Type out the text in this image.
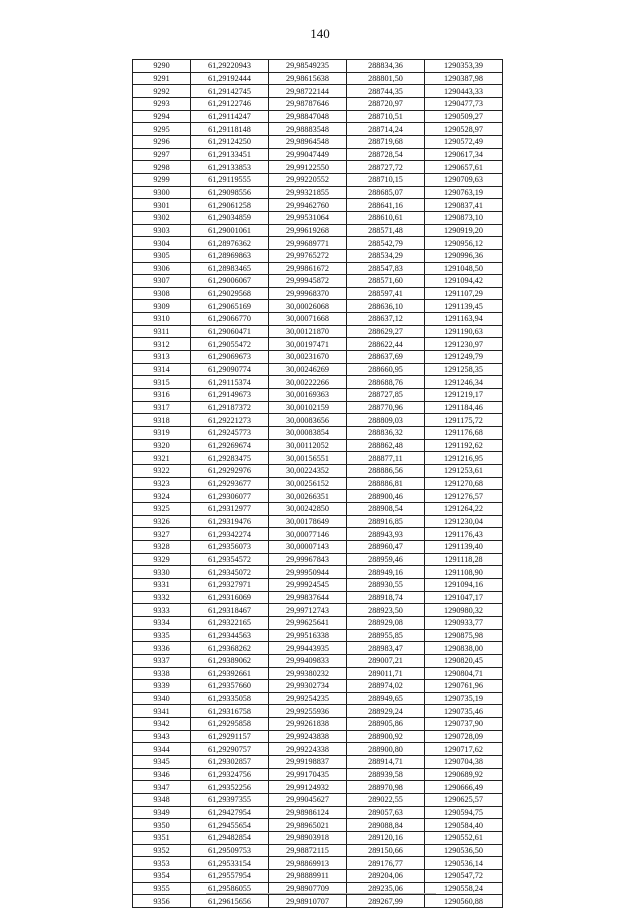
140
9290	61,29220943	29,98549235	288834,36	1290353,39
9291	61,29192444	29,98615638	288801,50	1290387,98
9292	61,29142745	29,98722144	288744,35	1290443,33
9293	61,29122746	29,98787646	288720,97	1290477,73
9294	61,29114247	29,98847048	288710,51	1290509,27
9295	61,29118148	29,98883548	288714,24	1290528,97
9296	61,29124250	29,98964548	288719,68	1290572,49
9297	61,29133451	29,99047449	288728,54	1290617,34
9298	61,29133853	29,99122550	288727,72	1290657,61
9299	61,29119555	29,99220552	288710,15	1290709,63
9300	61,29098556	29,99321855	288685,07	1290763,19
9301	61,29061258	29,99462760	288641,16	1290837,41
9302	61,29034859	29,99531064	288610,61	1290873,10
9303	61,29001061	29,99619268	288571,48	1290919,20
9304	61,28976362	29,99689771	288542,79	1290956,12
9305	61,28969863	29,99765272	288534,29	1290996,36
9306	61,28983465	29,99861672	288547,83	1291048,50
9307	61,29006067	29,99945872	288571,60	1291094,42
9308	61,29029568	29,99968370	288597,41	1291107,29
9309	61,29065169	30,00026068	288636,10	1291139,45
9310	61,29066770	30,00071668	288637,12	1291163,94
9311	61,29060471	30,00121870	288629,27	1291190,63
9312	61,29055472	30,00197471	288622,44	1291230,97
9313	61,29069673	30,00231670	288637,69	1291249,79
9314	61,29090774	30,00246269	288660,95	1291258,35
9315	61,29115374	30,00222266	288688,76	1291246,34
9316	61,29149673	30,00169363	288727,85	1291219,17
9317	61,29187372	30,00102159	288770,96	1291184,46
9318	61,29221273	30,00083656	288809,03	1291175,72
9319	61,29245773	30,00083854	288836,32	1291176,68
9320	61,29269674	30,00112052	288862,48	1291192,62
9321	61,29283475	30,00156551	288877,11	1291216,95
9322	61,29292976	30,00224352	288886,56	1291253,61
9323	61,29293677	30,00256152	288886,81	1291270,68
9324	61,29306077	30,00266351	288900,46	1291276,57
9325	61,29312977	30,00242850	288908,54	1291264,22
9326	61,29319476	30,00178649	288916,85	1291230,04
9327	61,29342274	30,00077146	288943,93	1291176,43
9328	61,29356073	30,00007143	288960,47	1291139,40
9329	61,29354572	29,99967843	288959,46	1291118,28
9330	61,29345072	29,99950944	288949,16	1291108,90
9331	61,29327971	29,99924545	288930,55	1291094,16
9332	61,29316069	29,99837644	288918,74	1291047,17
9333	61,29318467	29,99712743	288923,50	1290980,32
9334	61,29322165	29,99625641	288929,08	1290933,77
9335	61,29344563	29,99516338	288955,85	1290875,98
9336	61,29368262	29,99443935	288983,47	1290838,00
9337	61,29389062	29,99409833	289007,21	1290820,45
9338	61,29392661	29,99380232	289011,71	1290804,71
9339	61,29357660	29,99302734	288974,02	1290761,96
9340	61,29335058	29,99254235	288949,65	1290735,19
9341	61,29316758	29,99255936	288929,24	1290735,46
9342	61,29295858	29,99261838	288905,86	1290737,90
9343	61,29291157	29,99243838	288900,92	1290728,09
9344	61,29290757	29,99224338	288900,80	1290717,62
9345	61,29302857	29,99198837	288914,71	1290704,38
9346	61,29324756	29,99170435	288939,58	1290689,92
9347	61,29352256	29,99124932	288970,98	1290666,49
9348	61,29397355	29,99045627	289022,55	1290625,57
9349	61,29427954	29,98986124	289057,63	1290594,75
9350	61,29455654	29,98965021	289088,84	1290584,40
9351	61,29482854	29,98903918	289120,16	1290552,61
9352	61,29509753	29,98872115	289150,66	1290536,50
9353	61,29533154	29,98869913	289176,77	1290536,14
9354	61,29557954	29,98889911	289204,06	1290547,72
9355	61,29586055	29,98907709	289235,06	1290558,24
9356	61,29615656	29,98910707	289267,99	1290560,88
